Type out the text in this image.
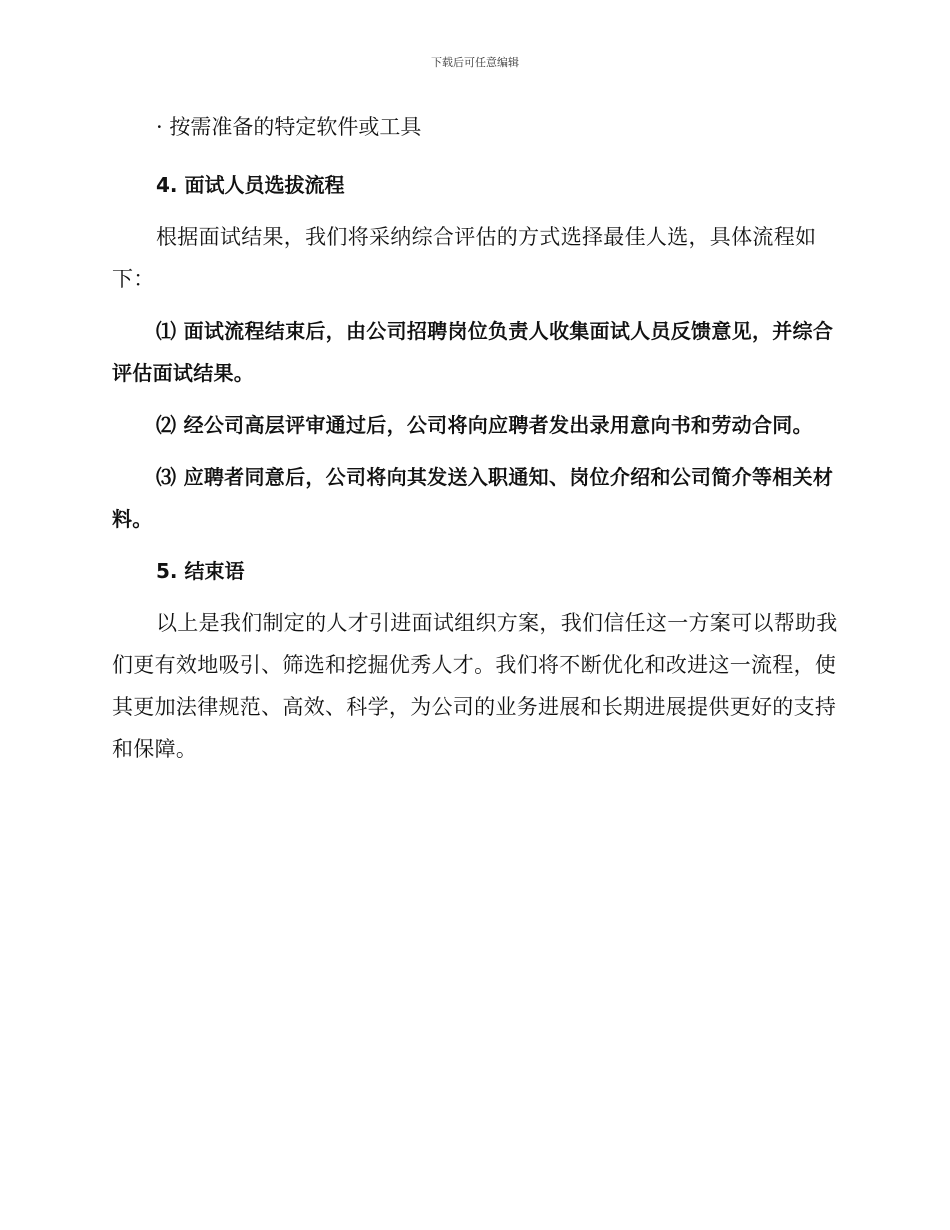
下载后可任意编辑

· 按需准备的特定软件或工具

4. 面试人员选拔流程

根据面试结果，我们将采纳综合评估的方式选择最佳人选，具体流程如下：

⑴ 面试流程结束后，由公司招聘岗位负责人收集面试人员反馈意见，并综合评估面试结果。

⑵ 经公司高层评审通过后，公司将向应聘者发出录用意向书和劳动合同。

⑶ 应聘者同意后，公司将向其发送入职通知、岗位介绍和公司简介等相关材料。

5. 结束语

以上是我们制定的人才引进面试组织方案，我们信任这一方案可以帮助我们更有效地吸引、筛选和挖掘优秀人才。我们将不断优化和改进这一流程，使其更加法律规范、高效、科学，为公司的业务进展和长期进展提供更好的支持和保障。
